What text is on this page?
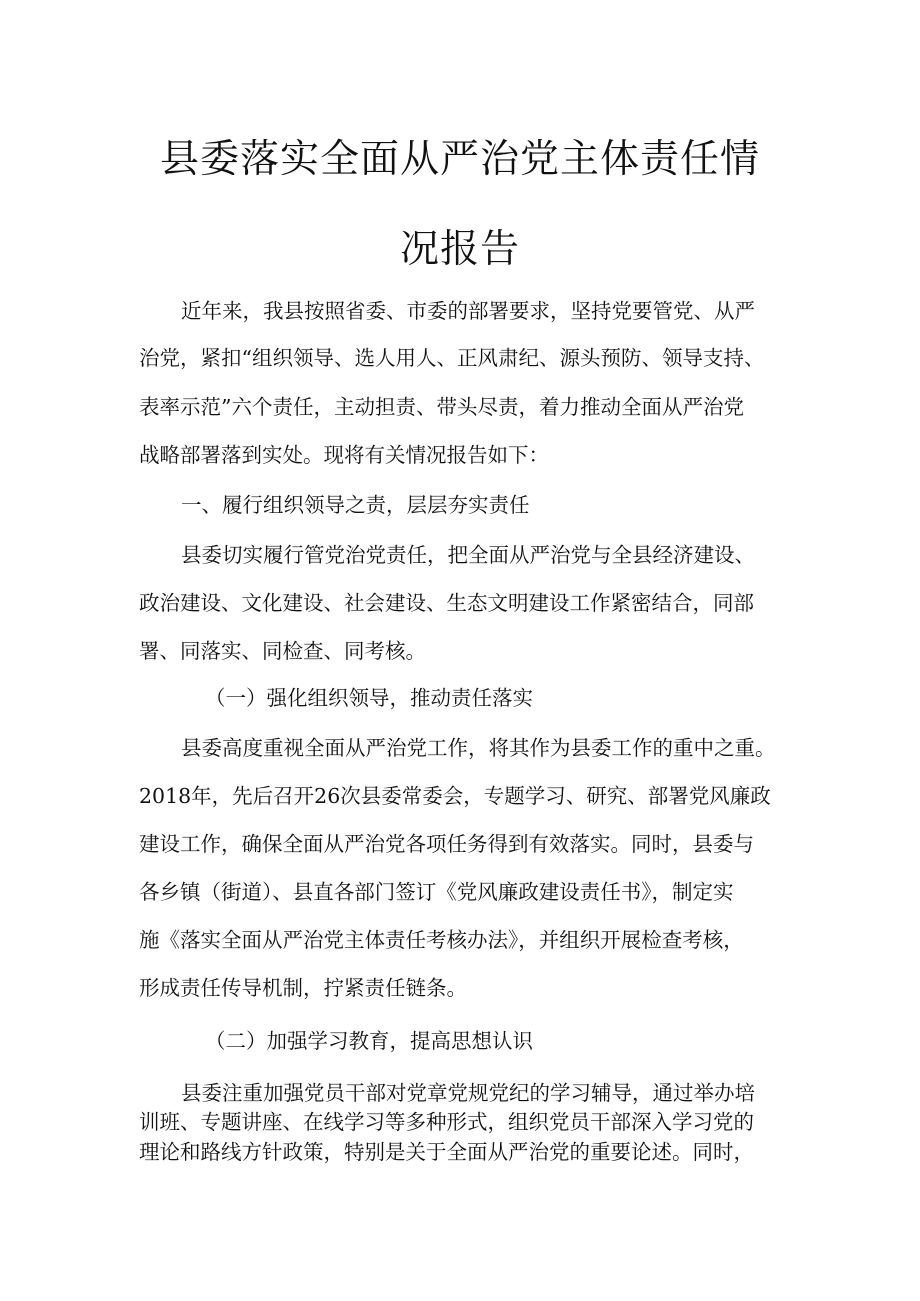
县委落实全面从严治党主体责任情
况报告
近年来，我县按照省委、市委的部署要求，坚持党要管党、从严
治党，紧扣“组织领导、选人用人、正风肃纪、源头预防、领导支持、
表率示范”六个责任，主动担责、带头尽责，着力推动全面从严治党
战略部署落到实处。现将有关情况报告如下：
一、履行组织领导之责，层层夯实责任
县委切实履行管党治党责任，把全面从严治党与全县经济建设、
政治建设、文化建设、社会建设、生态文明建设工作紧密结合，同部
署、同落实、同检查、同考核。
（一）强化组织领导，推动责任落实
县委高度重视全面从严治党工作，将其作为县委工作的重中之重。
2018年，先后召开26次县委常委会，专题学习、研究、部署党风廉政
建设工作，确保全面从严治党各项任务得到有效落实。同时，县委与
各乡镇（街道）、县直各部门签订《党风廉政建设责任书》，制定实
施《落实全面从严治党主体责任考核办法》，并组织开展检查考核，
形成责任传导机制，拧紧责任链条。
（二）加强学习教育，提高思想认识
县委注重加强党员干部对党章党规党纪的学习辅导，通过举办培
训班、专题讲座、在线学习等多种形式，组织党员干部深入学习党的
理论和路线方针政策，特别是关于全面从严治党的重要论述。同时，
